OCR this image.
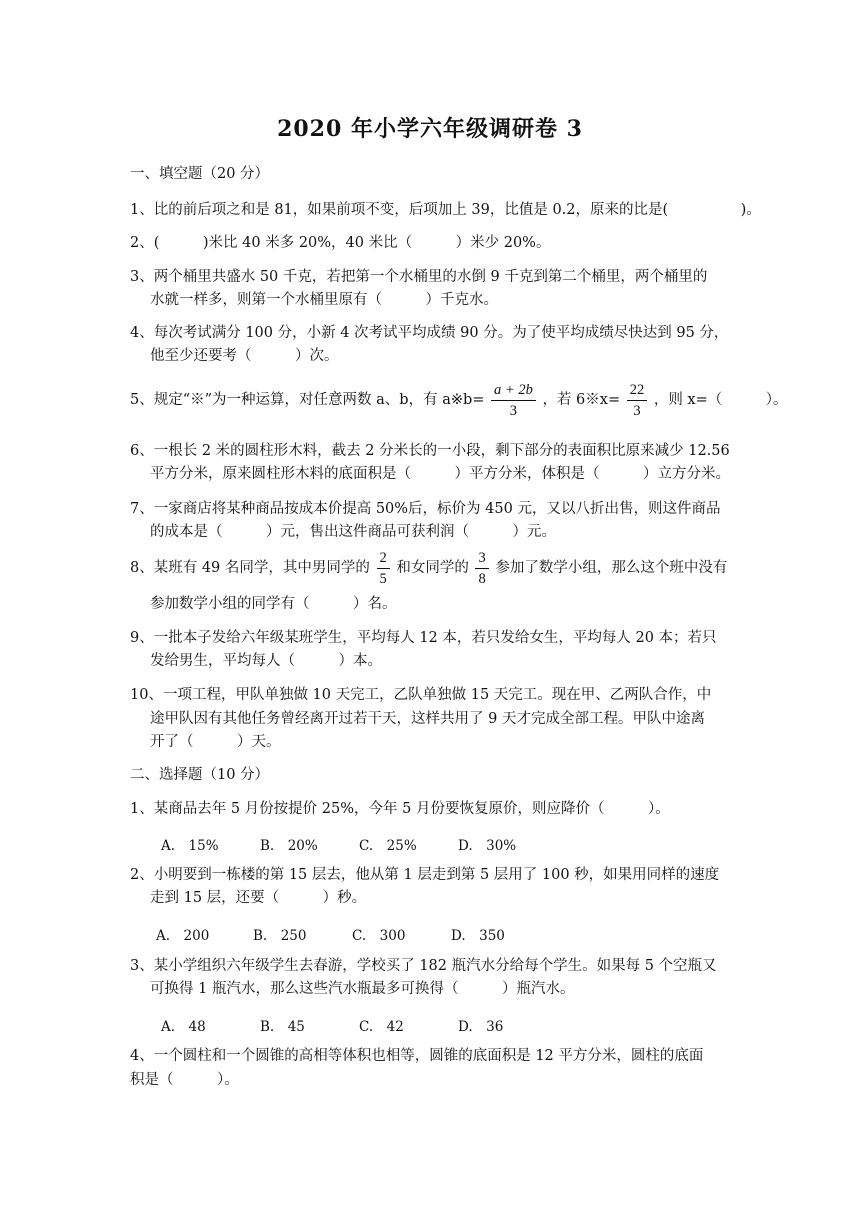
2020 年小学六年级调研卷 3
一、填空题（20 分）
1、比的前后项之和是 81，如果前项不变，后项加上 39，比值是 0.2，原来的比是(　　　　　)。
2、(　　　)米比 40 米多 20%，40 米比（　　　）米少 20%。
3、两个桶里共盛水 50 千克，若把第一个水桶里的水倒 9 千克到第二个桶里，两个桶里的
水就一样多，则第一个水桶里原有（　　　）千克水。
4、每次考试满分 100 分，小新 4 次考试平均成绩 90 分。为了使平均成绩尽快达到 95 分，
他至少还要考（　　　）次。
5、规定“※”为一种运算，对任意两数 a、b，有 a※b= $\frac{a + 2b}{3}$ ，若 6※x= $\frac{22}{3}$ ，则 x=（　　　）。
6、一根长 2 米的圆柱形木料，截去 2 分米长的一小段，剩下部分的表面积比原来减少 12.56
平方分米，原来圆柱形木料的底面积是（　　　）平方分米，体积是（　　　）立方分米。
7、一家商店将某种商品按成本价提高 50%后，标价为 450 元，又以八折出售，则这件商品
的成本是（　　　）元，售出这件商品可获利润（　　　）元。
8、某班有 49 名同学，其中男同学的 $\frac{2}{5}$ 和女同学的 $\frac{3}{8}$ 参加了数学小组，那么这个班中没有
参加数学小组的同学有（　　　）名。
9、一批本子发给六年级某班学生，平均每人 12 本，若只发给女生，平均每人 20 本；若只
发给男生，平均每人（　　　）本。
10、一项工程，甲队单独做 10 天完工，乙队单独做 15 天完工。现在甲、乙两队合作，中
途甲队因有其他任务曾经离开过若干天，这样共用了 9 天才完成全部工程。甲队中途离
开了（　　　）天。
二、选择题（10 分）
1、某商品去年 5 月份按提价 25%，今年 5 月份要恢复原价，则应降价（　　　）。
A.　15%	B.　20%	C.　25%	D.　30%
2、小明要到一栋楼的第 15 层去，他从第 1 层走到第 5 层用了 100 秒，如果用同样的速度
走到 15 层，还要（　　　）秒。
A.　200	B.　250	C.　300	D.　350
3、某小学组织六年级学生去春游，学校买了 182 瓶汽水分给每个学生。如果每 5 个空瓶又
可换得 1 瓶汽水，那么这些汽水瓶最多可换得（　　　）瓶汽水。
A.　48	B.　45	C.　42	D.　36
4、一个圆柱和一个圆锥的高相等体积也相等，圆锥的底面积是 12 平方分米，圆柱的底面
积是（　　　）。
